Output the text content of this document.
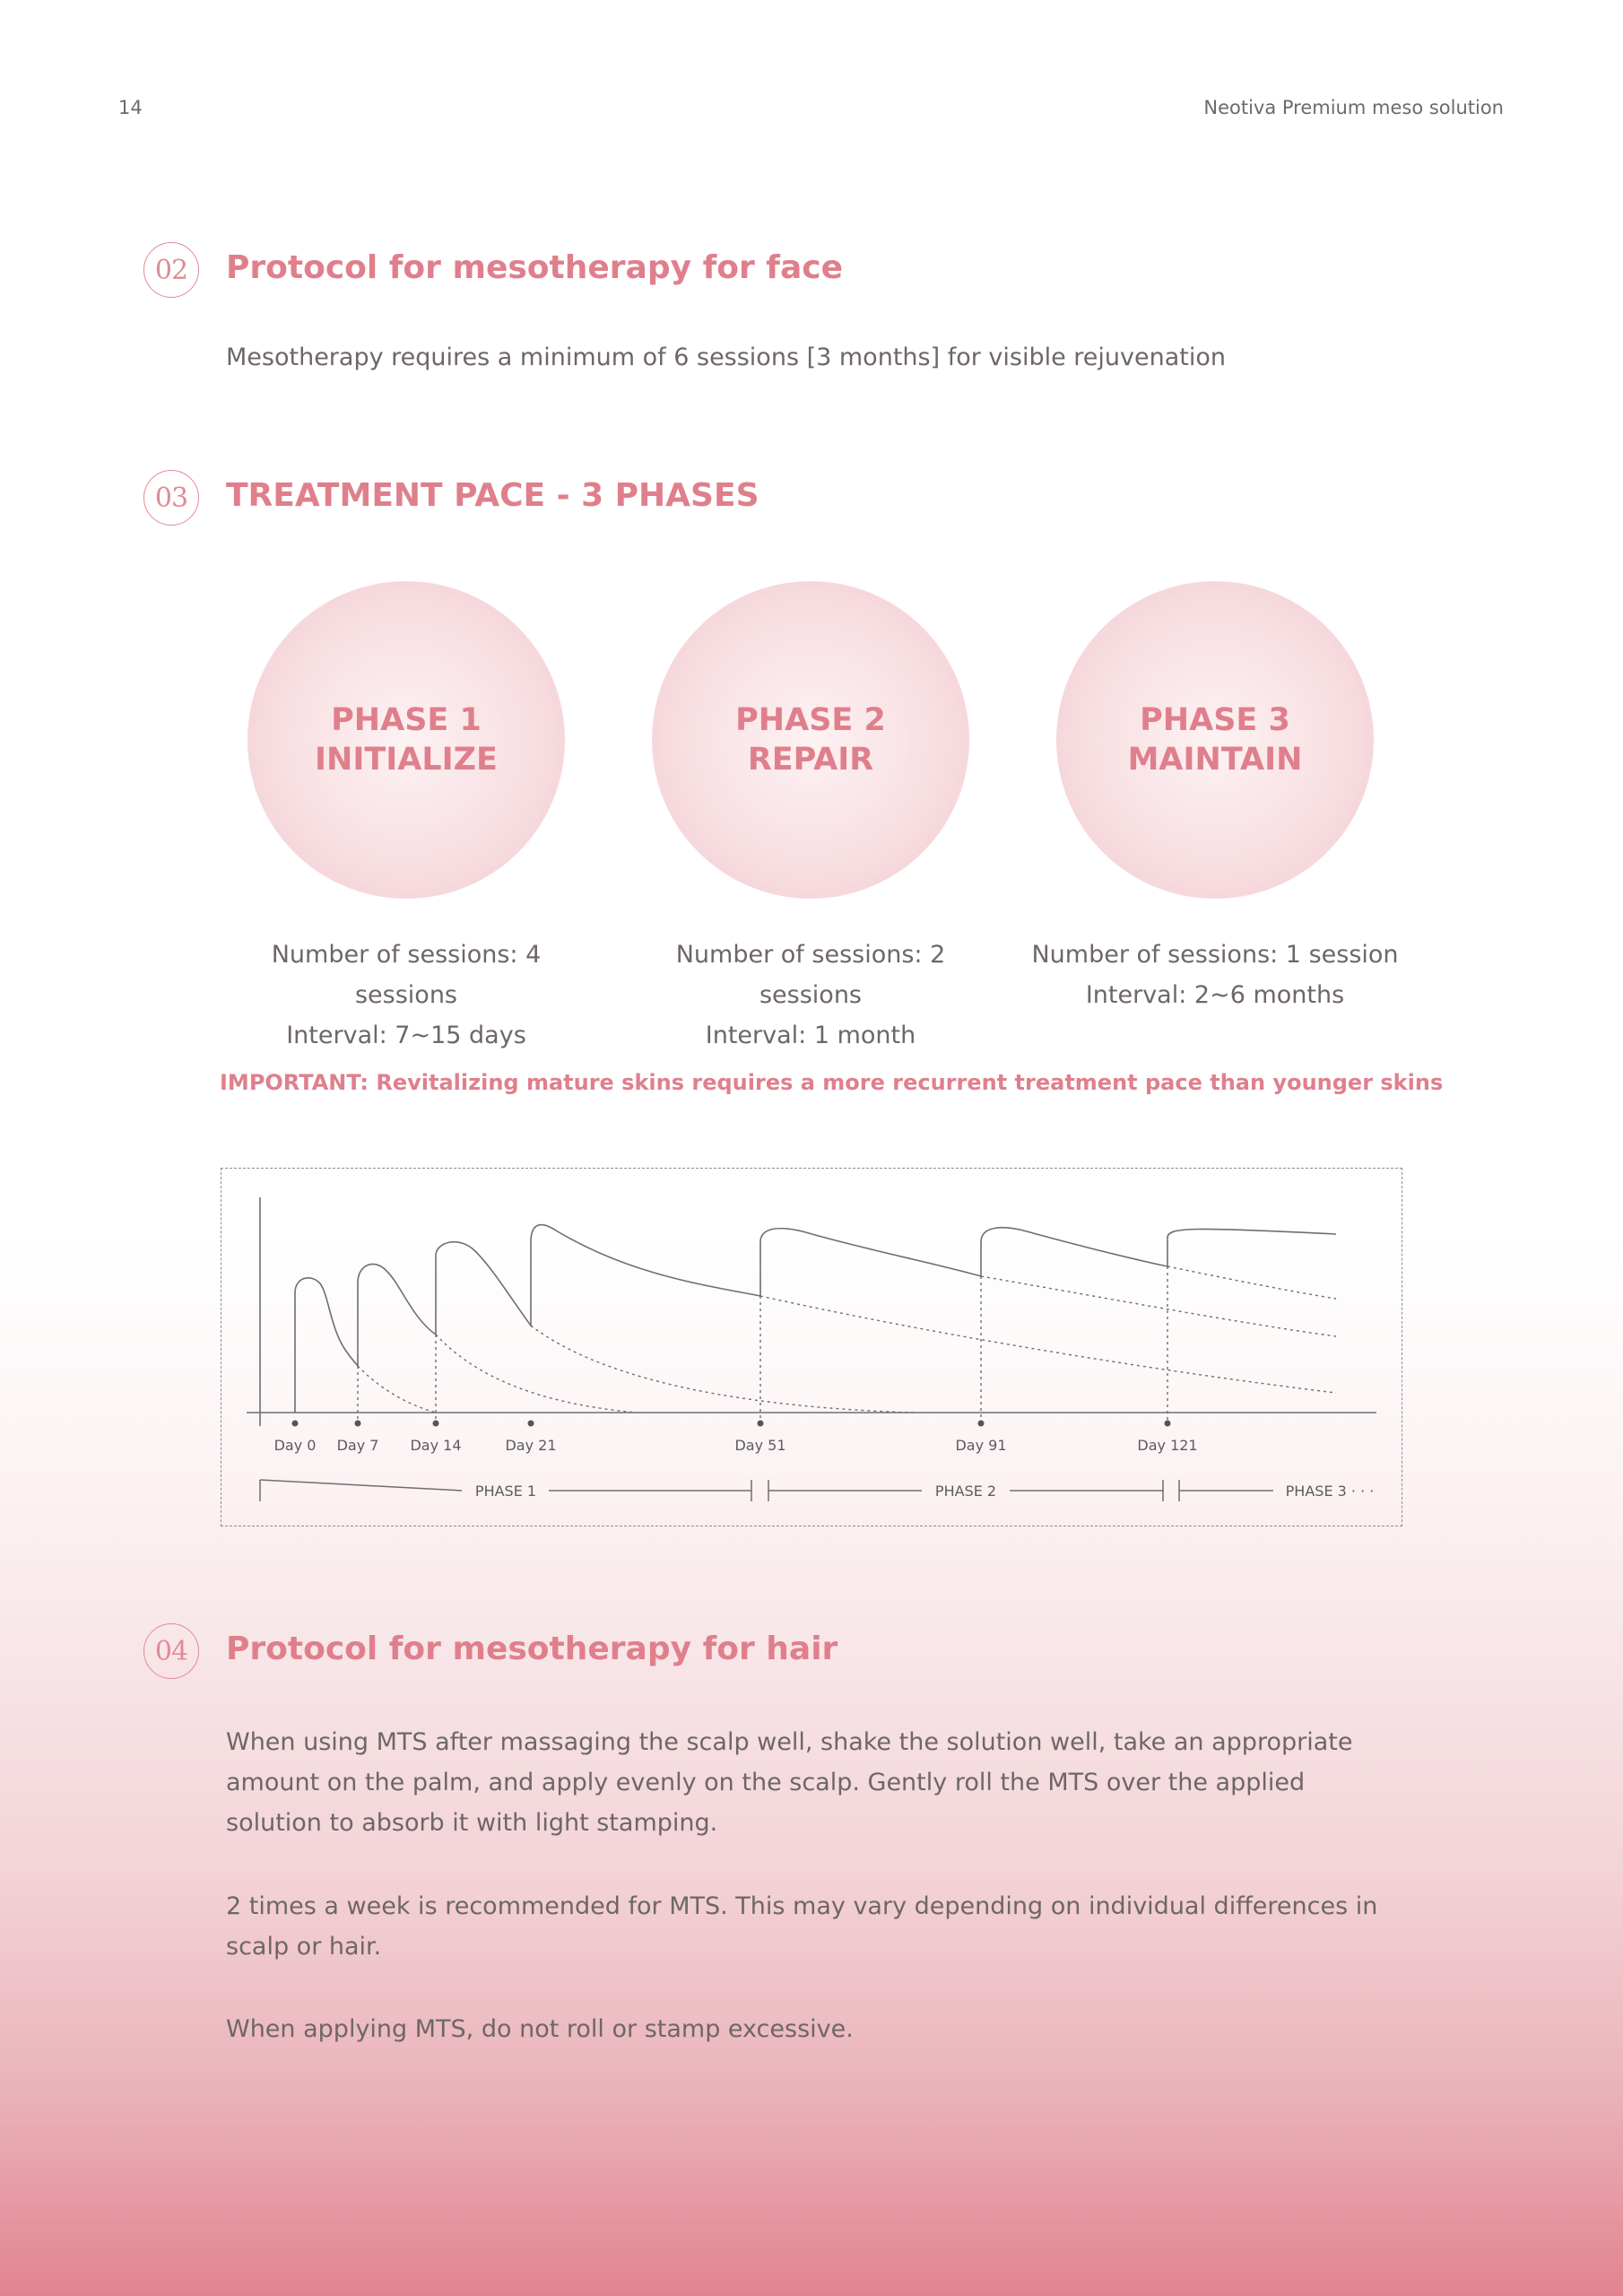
14	Neotiva Premium meso solution
02	Protocol for mesotherapy for face
Mesotherapy requires a minimum of 6 sessions [3 months] for visible rejuvenation
03	TREATMENT PACE - 3 PHASES
PHASE 1
INITIALIZE
PHASE 2
REPAIR
PHASE 3
MAINTAIN
Number of sessions: 4 sessions
Interval: 7~15 days
Number of sessions: 2 sessions
Interval: 1 month
Number of sessions: 1 session
Interval: 2~6 months
IMPORTANT: Revitalizing mature skins requires a more recurrent treatment pace than younger skins
Day 0 Day 7 Day 14	Day 21	Day 51	Day 91	Day 121
PHASE 1	PHASE 2	PHASE 3 · · ·
04	Protocol for mesotherapy for hair
When using MTS after massaging the scalp well, shake the solution well, take an appropriate amount on the palm, and apply evenly on the scalp. Gently roll the MTS over the applied solution to absorb it with light stamping.
2 times a week is recommended for MTS. This may vary depending on individual differences in scalp or hair.
When applying MTS, do not roll or stamp excessive.
